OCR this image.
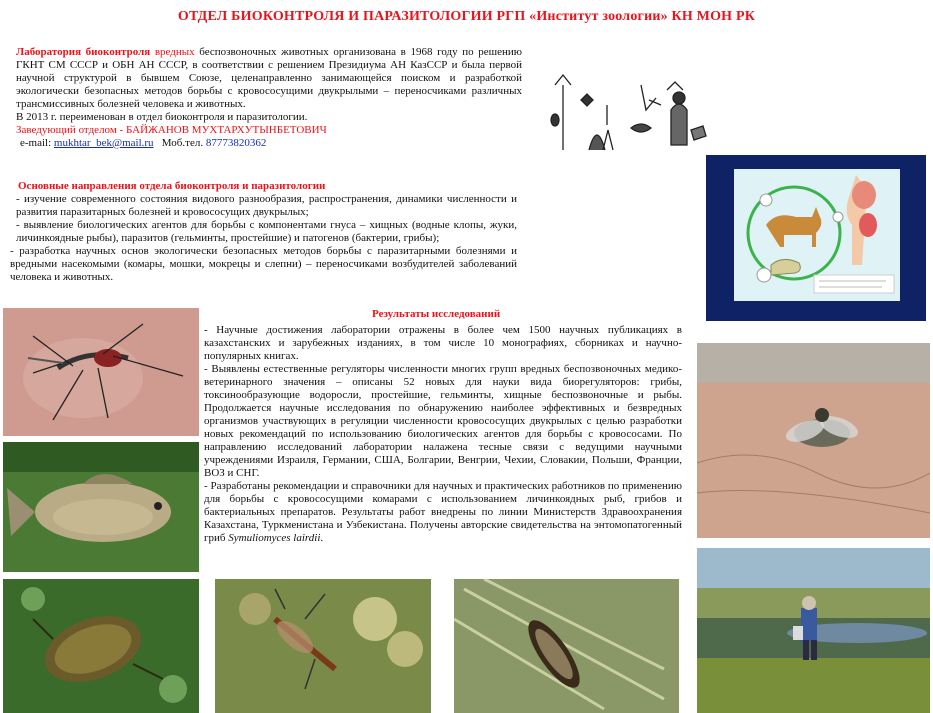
ОТДЕЛ БИОКОНТРОЛЯ И ПАРАЗИТОЛОГИИ РГП «Институт зоологии» КН МОН РК

Лаборатория биоконтроля вредных беспозвоночных животных организована в 1968 году по решению ГКНТ СМ СССР и ОБН АН СССР, в соответствии с решением Президиума АН КазССР и была первой научной структурой в бывшем Союзе, целенаправленно занимающейся поиском и разработкой экологически безопасных методов борьбы с кровососущими двукрылыми – переносчиками различных трансмиссивных болезней человека и животных.

В 2013 г. переименован в отдел биоконтроля и паразитологии.

Заведующий отделом - БАЙЖАНОВ МУХТАРХУТЫНБЕТОВИЧ

e-mail: mukhtar_bek@mail.ru Моб.тел. 87773820362

Основные направления отдела биоконтроля и паразитологии

- изучение современного состояния видового разнообразия, распространения, динамики численности и развития паразитарных болезней и кровососущих двукрылых;

- выявление биологических агентов для борьбы с компонентами гнуса – хищных (водные клопы, жуки, личинкоядные рыбы), паразитов (гельминты, простейшие) и патогенов (бактерии, грибы);

- разработка научных основ экологически безопасных методов борьбы с паразитарными болезнями и вредными насекомыми (комары, мошки, мокрецы и слепни) – переносчиками возбудителей заболеваний человека и животных.

Результаты исследований

- Научные достижения лаборатории отражены в более чем 1500 научных публикациях в казахстанских и зарубежных изданиях, в том числе 10 монографиях, сборниках и научно-популярных книгах.

- Выявлены естественные регуляторы численности многих групп вредных беспозвоночных медико-ветеринарного значения – описаны 52 новых для науки вида биорегуляторов: грибы, токсинообразующие водоросли, простейшие, гельминты, хищные беспозвоночные и рыбы. Продолжается научные исследования по обнаружению наиболее эффективных и безвредных организмов участвующих в регуляции численности кровососущих двукрылых с целью разработки новых рекомендаций по использованию биологических агентов для борьбы с кровососами. По направлению исследований лаборатории налажена тесные связи с ведущими научными учреждениями Израиля, Германии, США, Болгарии, Венгрии, Чехии, Словакии, Польши, Франции, ВОЗ и СНГ.

- Разработаны рекомендации и справочники для научных и практических работников по применению для борьбы с кровососущими комарами с использованием личинкоядных рыб, грибов и бактериальных препаратов. Результаты работ внедрены по линии Министерств Здравоохранения Казахстана, Туркменистана и Узбекистана. Получены авторские свидетельства на энтомопатогенный гриб Symuliomyces lairdii.
